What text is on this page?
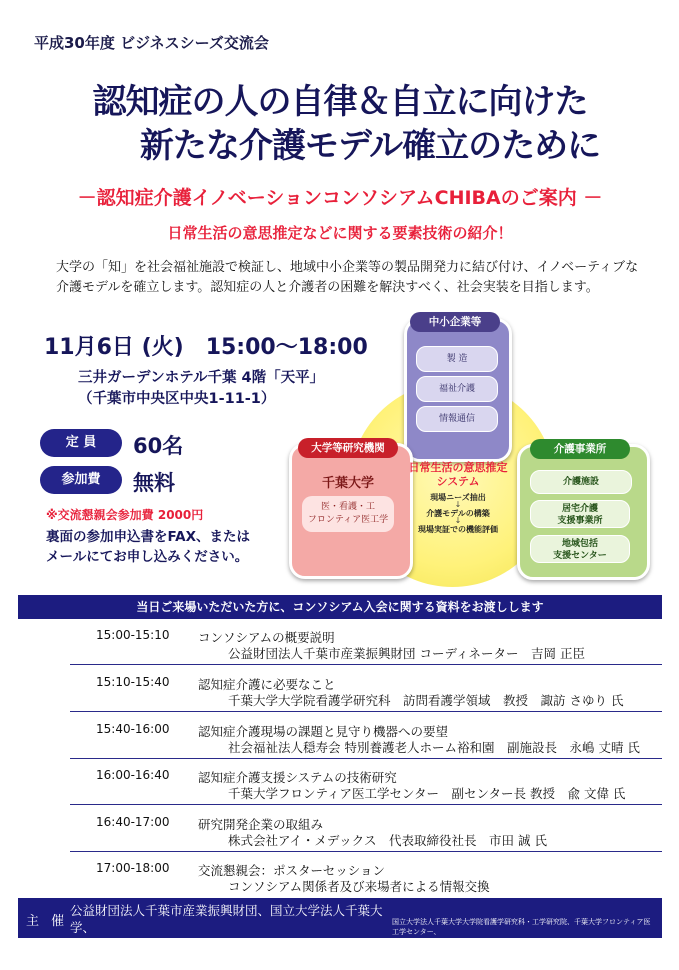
平成30年度 ビジネスシーズ交流会
認知症の人の自律＆自立に向けた
新たな介護モデル確立のために
－認知症介護イノベーションコンソシアムCHIBAのご案内 －
日常生活の意思推定などに関する要素技術の紹介！
大学の「知」を社会福祉施設で検証し、地域中小企業等の製品開発力に結び付け、イノベーティブな
介護モデルを確立します。認知症の人と介護者の困難を解決すべく、社会実装を目指します。
11月6日 (火)　15:00～18:00
三井ガーデンホテル千葉 4階「天平」
（千葉市中央区中央1-11-1）
定 員	60名
参加費	無料
※交流懇親会参加費 2000円
裏面の参加申込書をFAX、または
メールにてお申し込みください。
中小企業等
製 造
福祉介護
情報通信
大学等研究機関
千葉大学
医・看護・工
フロンティア医工学
介護事業所
介護施設
居宅介護
支援事業所
地域包括
支援センター
日常生活の意思推定
システム
現場ニーズ抽出
↓
介護モデルの構築
↓
現場実証での機能評価
当日ご来場いただいた方に、コンソシアム入会に関する資料をお渡しします
15:00-15:10 コンソシアムの概要説明
公益財団法人千葉市産業振興財団 コーディネーター　吉岡 正臣
15:10-15:40 認知症介護に必要なこと
千葉大学大学院看護学研究科　訪問看護学領域　教授　諏訪 さゆり 氏
15:40-16:00 認知症介護現場の課題と見守り機器への要望
社会福祉法人穏寿会 特別養護老人ホーム裕和園　副施設長　永嶋 丈晴 氏
16:00-16:40 認知症介護支援システムの技術研究
千葉大学フロンティア医工学センター　副センター長 教授　兪 文偉 氏
16:40-17:00 研究開発企業の取組み
株式会社アイ・メデックス　代表取締役社長　市田 誠 氏
17:00-18:00 交流懇親会：ポスターセッション
コンソシアム関係者及び来場者による情報交換
主 催
公益財団法人千葉市産業振興財団、国立大学法人千葉大学、
認知症介護イノベーションコンソシアムCHIBA設立準備委員会（
国立大学法人千葉大学大学院看護学研究科・工学研究院、千葉大学フロンティア医工学センター、
株式会社アイ・メデックス、株式会社エー・シー・イー、こだま国際特許商標事務所　）
